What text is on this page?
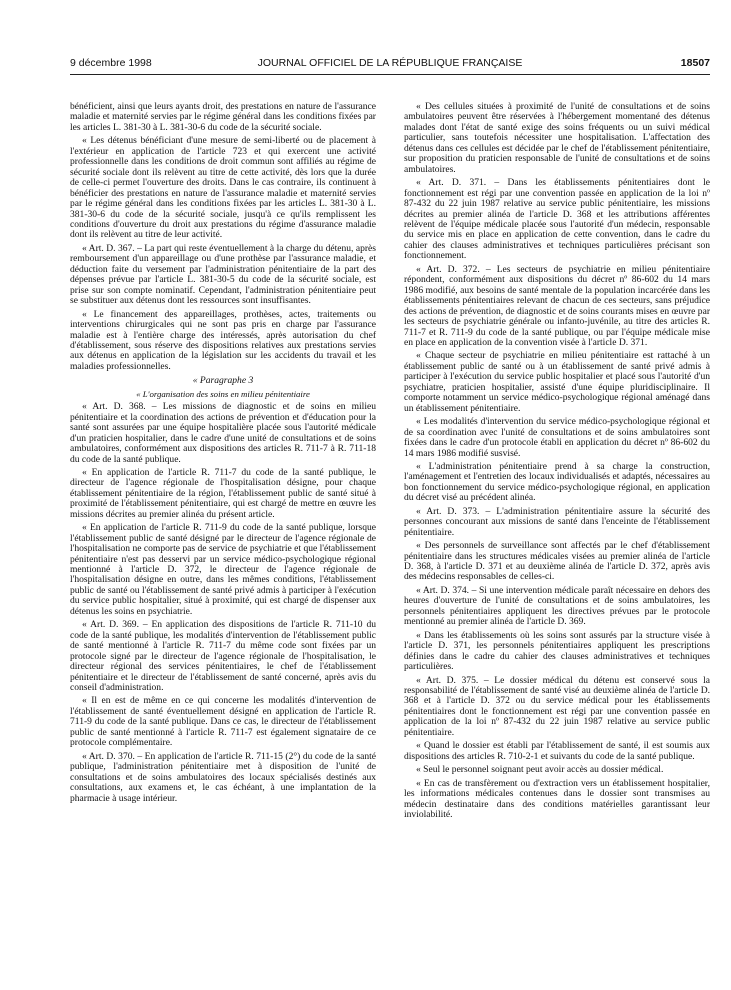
9 décembre 1998	JOURNAL OFFICIEL DE LA RÉPUBLIQUE FRANÇAISE	18507

bénéficient, ainsi que leurs ayants droit, des prestations en nature de l'assurance maladie et maternité servies par le régime général dans les conditions fixées par les articles L. 381-30 à L. 381-30-6 du code de la sécurité sociale.

« Les détenus bénéficiant d'une mesure de semi-liberté ou de placement à l'extérieur en application de l'article 723 et qui exercent une activité professionnelle dans les conditions de droit commun sont affiliés au régime de sécurité sociale dont ils relèvent au titre de cette activité, dès lors que la durée de celle-ci permet l'ouverture des droits. Dans le cas contraire, ils continuent à bénéficier des prestations en nature de l'assurance maladie et maternité servies par le régime général dans les conditions fixées par les articles L. 381-30 à L. 381-30-6 du code de la sécurité sociale, jusqu'à ce qu'ils remplissent les conditions d'ouverture du droit aux prestations du régime d'assurance maladie dont ils relèvent au titre de leur activité.

« Art. D. 367. – La part qui reste éventuellement à la charge du détenu, après remboursement d'un appareillage ou d'une prothèse par l'assurance maladie, et déduction faite du versement par l'administration pénitentiaire de la part des dépenses prévue par l'article L. 381-30-5 du code de la sécurité sociale, est prise sur son compte nominatif. Cependant, l'administration pénitentiaire peut se substituer aux détenus dont les ressources sont insuffisantes.

« Le financement des appareillages, prothèses, actes, traitements ou interventions chirurgicales qui ne sont pas pris en charge par l'assurance maladie est à l'entière charge des intéressés, après autorisation du chef d'établissement, sous réserve des dispositions relatives aux prestations servies aux détenus en application de la législation sur les accidents du travail et les maladies professionnelles.

« Paragraphe 3

« L'organisation des soins en milieu pénitentiaire

« Art. D. 368. – Les missions de diagnostic et de soins en milieu pénitentiaire et la coordination des actions de prévention et d'éducation pour la santé sont assurées par une équipe hospitalière placée sous l'autorité médicale d'un praticien hospitalier, dans le cadre d'une unité de consultations et de soins ambulatoires, conformément aux dispositions des articles R. 711-7 à R. 711-18 du code de la santé publique.

« En application de l'article R. 711-7 du code de la santé publique, le directeur de l'agence régionale de l'hospitalisation désigne, pour chaque établissement pénitentiaire de la région, l'établissement public de santé situé à proximité de l'établissement pénitentiaire, qui est chargé de mettre en œuvre les missions décrites au premier alinéa du présent article.

« En application de l'article R. 711-9 du code de la santé publique, lorsque l'établissement public de santé désigné par le directeur de l'agence régionale de l'hospitalisation ne comporte pas de service de psychiatrie et que l'établissement pénitentiaire n'est pas desservi par un service médico-psychologique régional mentionné à l'article D. 372, le directeur de l'agence régionale de l'hospitalisation désigne en outre, dans les mêmes conditions, l'établissement public de santé ou l'établissement de santé privé admis à participer à l'exécution du service public hospitalier, situé à proximité, qui est chargé de dispenser aux détenus les soins en psychiatrie.

« Art. D. 369. – En application des dispositions de l'article R. 711-10 du code de la santé publique, les modalités d'intervention de l'établissement public de santé mentionné à l'article R. 711-7 du même code sont fixées par un protocole signé par le directeur de l'agence régionale de l'hospitalisation, le directeur régional des services pénitentiaires, le chef de l'établissement pénitentiaire et le directeur de l'établissement de santé concerné, après avis du conseil d'administration.

« Il en est de même en ce qui concerne les modalités d'intervention de l'établissement de santé éventuellement désigné en application de l'article R. 711-9 du code de la santé publique. Dans ce cas, le directeur de l'établissement public de santé mentionné à l'article R. 711-7 est également signataire de ce protocole complémentaire.

« Art. D. 370. – En application de l'article R. 711-15 (2°) du code de la santé publique, l'administration pénitentiaire met à disposition de l'unité de consultations et de soins ambulatoires des locaux spécialisés destinés aux consultations, aux examens et, le cas échéant, à une implantation de la pharmacie à usage intérieur.

« Des cellules situées à proximité de l'unité de consultations et de soins ambulatoires peuvent être réservées à l'hébergement momentané des détenus malades dont l'état de santé exige des soins fréquents ou un suivi médical particulier, sans toutefois nécessiter une hospitalisation. L'affectation des détenus dans ces cellules est décidée par le chef de l'établissement pénitentiaire, sur proposition du praticien responsable de l'unité de consultations et de soins ambulatoires.

« Art. D. 371. – Dans les établissements pénitentiaires dont le fonctionnement est régi par une convention passée en application de la loi nº 87-432 du 22 juin 1987 relative au service public pénitentiaire, les missions décrites au premier alinéa de l'article D. 368 et les attributions afférentes relèvent de l'équipe médicale placée sous l'autorité d'un médecin, responsable du service mis en place en application de cette convention, dans le cadre du cahier des clauses administratives et techniques particulières précisant son fonctionnement.

« Art. D. 372. – Les secteurs de psychiatrie en milieu pénitentiaire répondent, conformément aux dispositions du décret nº 86-602 du 14 mars 1986 modifié, aux besoins de santé mentale de la population incarcérée dans les établissements pénitentiaires relevant de chacun de ces secteurs, sans préjudice des actions de prévention, de diagnostic et de soins courants mises en œuvre par les secteurs de psychiatrie générale ou infanto-juvénile, au titre des articles R. 711-7 et R. 711-9 du code de la santé publique, ou par l'équipe médicale mise en place en application de la convention visée à l'article D. 371.

« Chaque secteur de psychiatrie en milieu pénitentiaire est rattaché à un établissement public de santé ou à un établissement de santé privé admis à participer à l'exécution du service public hospitalier et placé sous l'autorité d'un psychiatre, praticien hospitalier, assisté d'une équipe pluridisciplinaire. Il comporte notamment un service médico-psychologique régional aménagé dans un établissement pénitentiaire.

« Les modalités d'intervention du service médico-psychologique régional et de sa coordination avec l'unité de consultations et de soins ambulatoires sont fixées dans le cadre d'un protocole établi en application du décret nº 86-602 du 14 mars 1986 modifié susvisé.

« L'administration pénitentiaire prend à sa charge la construction, l'aménagement et l'entretien des locaux individualisés et adaptés, nécessaires au bon fonctionnement du service médico-psychologique régional, en application du décret visé au précédent alinéa.

« Art. D. 373. – L'administration pénitentiaire assure la sécurité des personnes concourant aux missions de santé dans l'enceinte de l'établissement pénitentiaire.

« Des personnels de surveillance sont affectés par le chef d'établissement pénitentiaire dans les structures médicales visées au premier alinéa de l'article D. 368, à l'article D. 371 et au deuxième alinéa de l'article D. 372, après avis des médecins responsables de celles-ci.

« Art. D. 374. – Si une intervention médicale paraît nécessaire en dehors des heures d'ouverture de l'unité de consultations et de soins ambulatoires, les personnels pénitentiaires appliquent les directives prévues par le protocole mentionné au premier alinéa de l'article D. 369.

« Dans les établissements où les soins sont assurés par la structure visée à l'article D. 371, les personnels pénitentiaires appliquent les prescriptions définies dans le cadre du cahier des clauses administratives et techniques particulières.

« Art. D. 375. – Le dossier médical du détenu est conservé sous la responsabilité de l'établissement de santé visé au deuxième alinéa de l'article D. 368 et à l'article D. 372 ou du service médical pour les établissements pénitentiaires dont le fonctionnement est régi par une convention passée en application de la loi nº 87-432 du 22 juin 1987 relative au service public pénitentiaire.

« Quand le dossier est établi par l'établissement de santé, il est soumis aux dispositions des articles R. 710-2-1 et suivants du code de la santé publique.

« Seul le personnel soignant peut avoir accès au dossier médical.

« En cas de transfèrement ou d'extraction vers un établissement hospitalier, les informations médicales contenues dans le dossier sont transmises au médecin destinataire dans des conditions matérielles garantissant leur inviolabilité.
